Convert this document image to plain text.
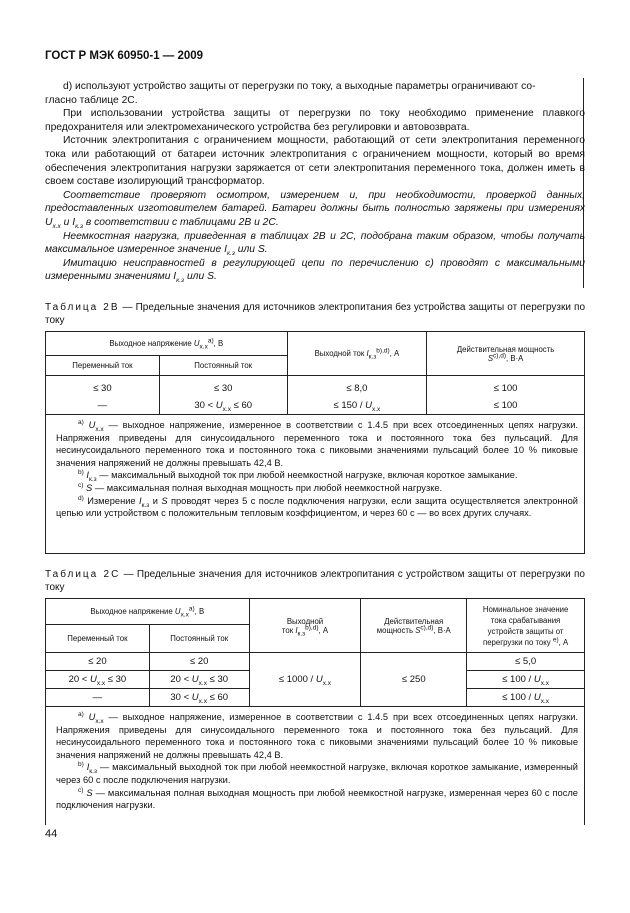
ГОСТ Р МЭК 60950-1 — 2009

d) используют устройство защиты от перегрузки по току, а выходные параметры ограничивают со-

гласно таблице 2C.

При использовании устройства защиты от перегрузки по току необходимо применение плавкого предохранителя или электромеханического устройства без регулировки и автовозврата.

Источник электропитания с ограничением мощности, работающий от сети электропитания переменного тока или работающий от батареи источник электропитания с ограничением мощности, который во время обеспечения электропитания нагрузки заряжается от сети электропитания переменного тока, должен иметь в своем составе изолирующий трансформатор.

Соответствие проверяют осмотром, измерением и, при необходимости, проверкой данных, предоставленных изготовителем батарей. Батареи должны быть полностью заряжены при измерениях $U_{х.х}$ и $I_{к.з}$ в соответствии с таблицами 2B и 2C.

Неемкостная нагрузка, приведенная в таблицах 2B и 2C, подобрана таким образом, чтобы получать максимальное измеренное значение $I_{к.з}$ или S.

Имитацию неисправностей в регулирующей цепи по перечислению c) проводят с максимальными измеренными значениями $I_{к.з}$ или S.

Таблица 2B — Предельные значения для источников электропитания без устройства защиты от перегрузки по току
Выходное напряжение $U_{х.х}^{а)}$, В		Выходной ток $I_{к.з}^{b),d)}$, А	Действительная мощность
$S^{c),d)}$, В·А
Переменный ток	Постоянный ток		

≤ 30	≤ 30	≤ 8,0	≤ 100
—	$30 < U_{х.х} \le 60$	≤ $150 / U_{х.х}$	≤ 100

$^{а)}$ $U_{х.х}$ — выходное напряжение, измеренное в соответствии с 1.4.5 при всех отсоединенных цепях нагрузки. Напряжения приведены для синусоидального переменного тока и постоянного тока без пульсаций. Для несинусоидального переменного тока и постоянного тока с пиковыми значениями пульсаций более 10 % пиковые значения напряжений не должны превышать 42,4 В.

$^{b)}$ $I_{к.з}$ — максимальный выходной ток при любой неемкостной нагрузке, включая короткое замыкание.

$^{c)}$ S — максимальная полная выходная мощность при любой неемкостной нагрузке.

$^{d)}$ Измерение $I_{к.з}$ и S проводят через 5 с после подключения нагрузки, если защита осуществляется электронной цепью или устройством с положительным тепловым коэффициентом, и через 60 с — во всех других случаях.

Таблица 2C — Предельные значения для источников электропитания с устройством защиты от перегрузки по току
Выходное напряжение $U_{х.х}^{а)}$, В		Выходной
ток $I_{к.з}^{b),d)}$, А	Действительная
мощность $S^{c),d)}$, В·А	Номинальное значение
тока срабатывания
устройств защиты от
перегрузки по току $^{е)}$, А
Переменный ток	Постоянный ток			
≤ 20	≤ 20	≤ $1000 / U_{х.х}$	≤ 250	≤ 5,0
$20 < U_{х.х} \le 30$	$20 < U_{х.х} \le 30$			≤ $100 / U_{х.х}$
—	$30 < U_{х.х} \le 60$			≤ $100 / U_{х.х}$

$^{а)}$ $U_{х.х}$ — выходное напряжение, измеренное в соответствии с 1.4.5 при всех отсоединенных цепях нагрузки. Напряжения приведены для синусоидального переменного тока и постоянного тока без пульсаций. Для несинусоидального переменного тока и постоянного тока с пиковыми значениями пульсаций более 10 % пиковые значения напряжений не должны превышать 42,4 В.

$^{b)}$ $I_{к.з}$ — максимальный выходной ток при любой неемкостной нагрузке, включая короткое замыкание, измеренный через 60 с после подключения нагрузки.

$^{c)}$ S — максимальная полная выходная мощность при любой неемкостной нагрузке, измеренная через 60 с после подключения нагрузки.

44
